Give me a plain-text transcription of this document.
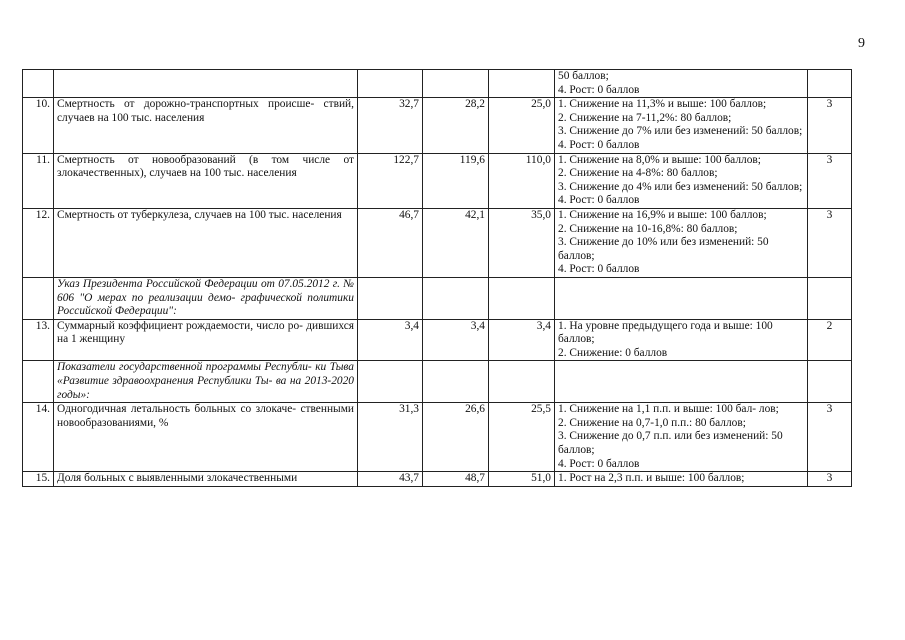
9

					50 баллов;
4. Рост: 0 баллов	

10.	Смертность от дорожно-транспортных происше- ствий, случаев на 100 тыс. населения	32,7	28,2	25,0	1. Снижение на 11,3% и выше: 100 баллов;
2. Снижение на 7-11,2%: 80 баллов;
3. Снижение до 7% или без изменений: 50 баллов;
4. Рост: 0 баллов	3
11.	Смертность от новообразований (в том числе от злокачественных), случаев на 100 тыс. населения	122,7	119,6	110,0	1. Снижение на 8,0% и выше: 100 баллов;
2. Снижение на 4-8%: 80 баллов;
3. Снижение до 4% или без изменений: 50 баллов;
4. Рост: 0 баллов	3
12.	Смертность от туберкулеза, случаев на 100 тыс. населения	46,7	42,1	35,0	1. Снижение на 16,9% и выше: 100 баллов;
2. Снижение на 10-16,8%: 80 баллов;
3. Снижение до 10% или без изменений: 50 баллов;
4. Рост: 0 баллов	3
	Указ Президента Российской Федерации от 07.05.2012 г. № 606 "О мерах по реализации демо- графической политики Российской Федерации":					
13.	Суммарный коэффициент рождаемости, число ро- дившихся на 1 женщину	3,4	3,4	3,4	1. На уровне предыдущего года и выше: 100 баллов;
2. Снижение: 0 баллов	2
	Показатели государственной программы Республи- ки Тыва «Развитие здравоохранения Республики Ты- ва на 2013-2020 годы»:					
14.	Одногодичная летальность больных со злокаче- ственными новообразованиями, %	31,3	26,6	25,5	1. Снижение на 1,1 п.п. и выше: 100 бал- лов;
2. Снижение на 0,7-1,0 п.п.: 80 баллов;
3. Снижение до 0,7 п.п. или без изменений: 50 баллов;
4. Рост: 0 баллов	3
15.	Доля больных с выявленными злокачественными	43,7	48,7	51,0	1. Рост на 2,3 п.п. и выше: 100 баллов;	3
